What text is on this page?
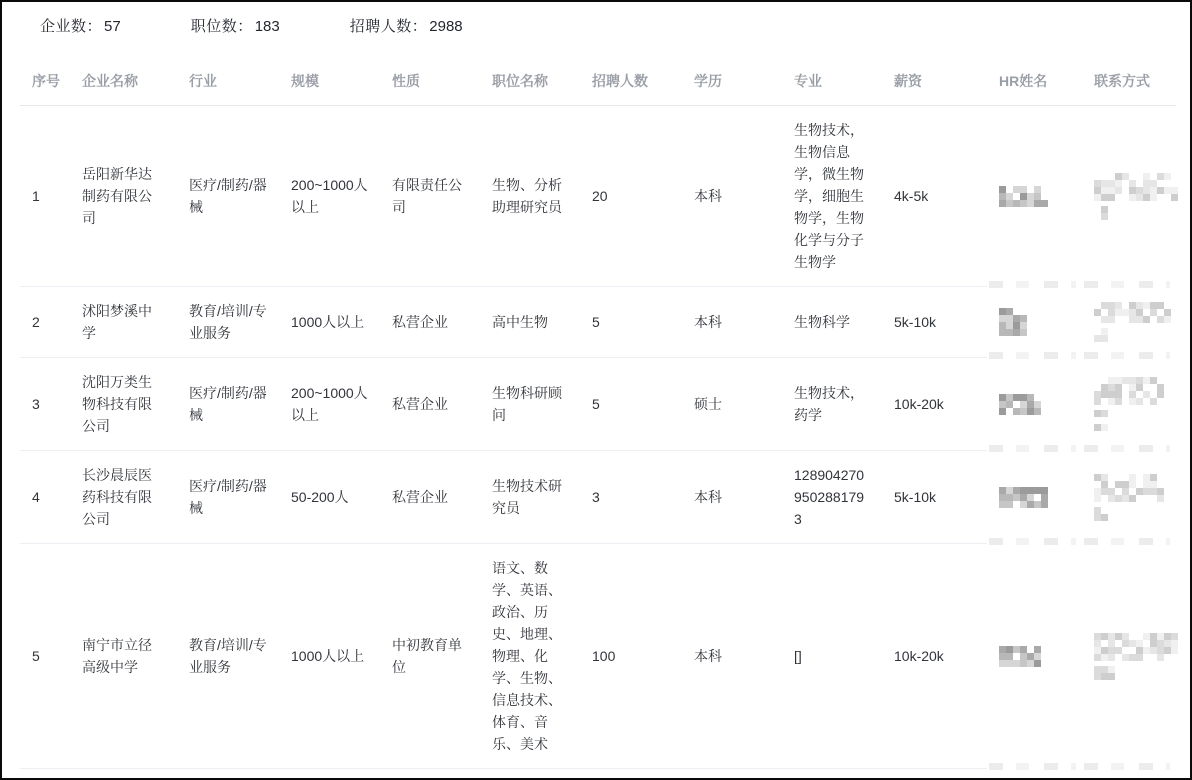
企业数： 57	职位数： 183	招聘人数： 2988
序号	企业名称	行业	规模	性质	职位名称	招聘人数	学历	专业	薪资	HR姓名	联系方式
1	岳阳新华达制药有限公司	医疗/制药/器械	200~1000人以上	有限责任公司	生物、分析助理研究员	20	本科	生物技术，生物信息学，微生物学，细胞生物学，生物化学与分子生物学	4k-5k	

2	沭阳梦溪中学	教育/培训/专业服务	1000人以上	私营企业	高中生物	5	本科	生物科学	5k-10k	

3	沈阳万类生物科技有限公司	医疗/制药/器械	200~1000人以上	私营企业	生物科研顾问	5	硕士	生物技术，药学	10k-20k	

4	长沙晨辰医药科技有限公司	医疗/制药/器械	50-200人	私营企业	生物技术研究员	3	本科	1289042709502881793	5k-10k	

5	南宁市立径高级中学	教育/培训/专业服务	1000人以上	中初教育单位	语文、数学、英语、政治、历史、地理、物理、化学、生物、信息技术、体育、音乐、美术	100	本科	[]	10k-20k	
